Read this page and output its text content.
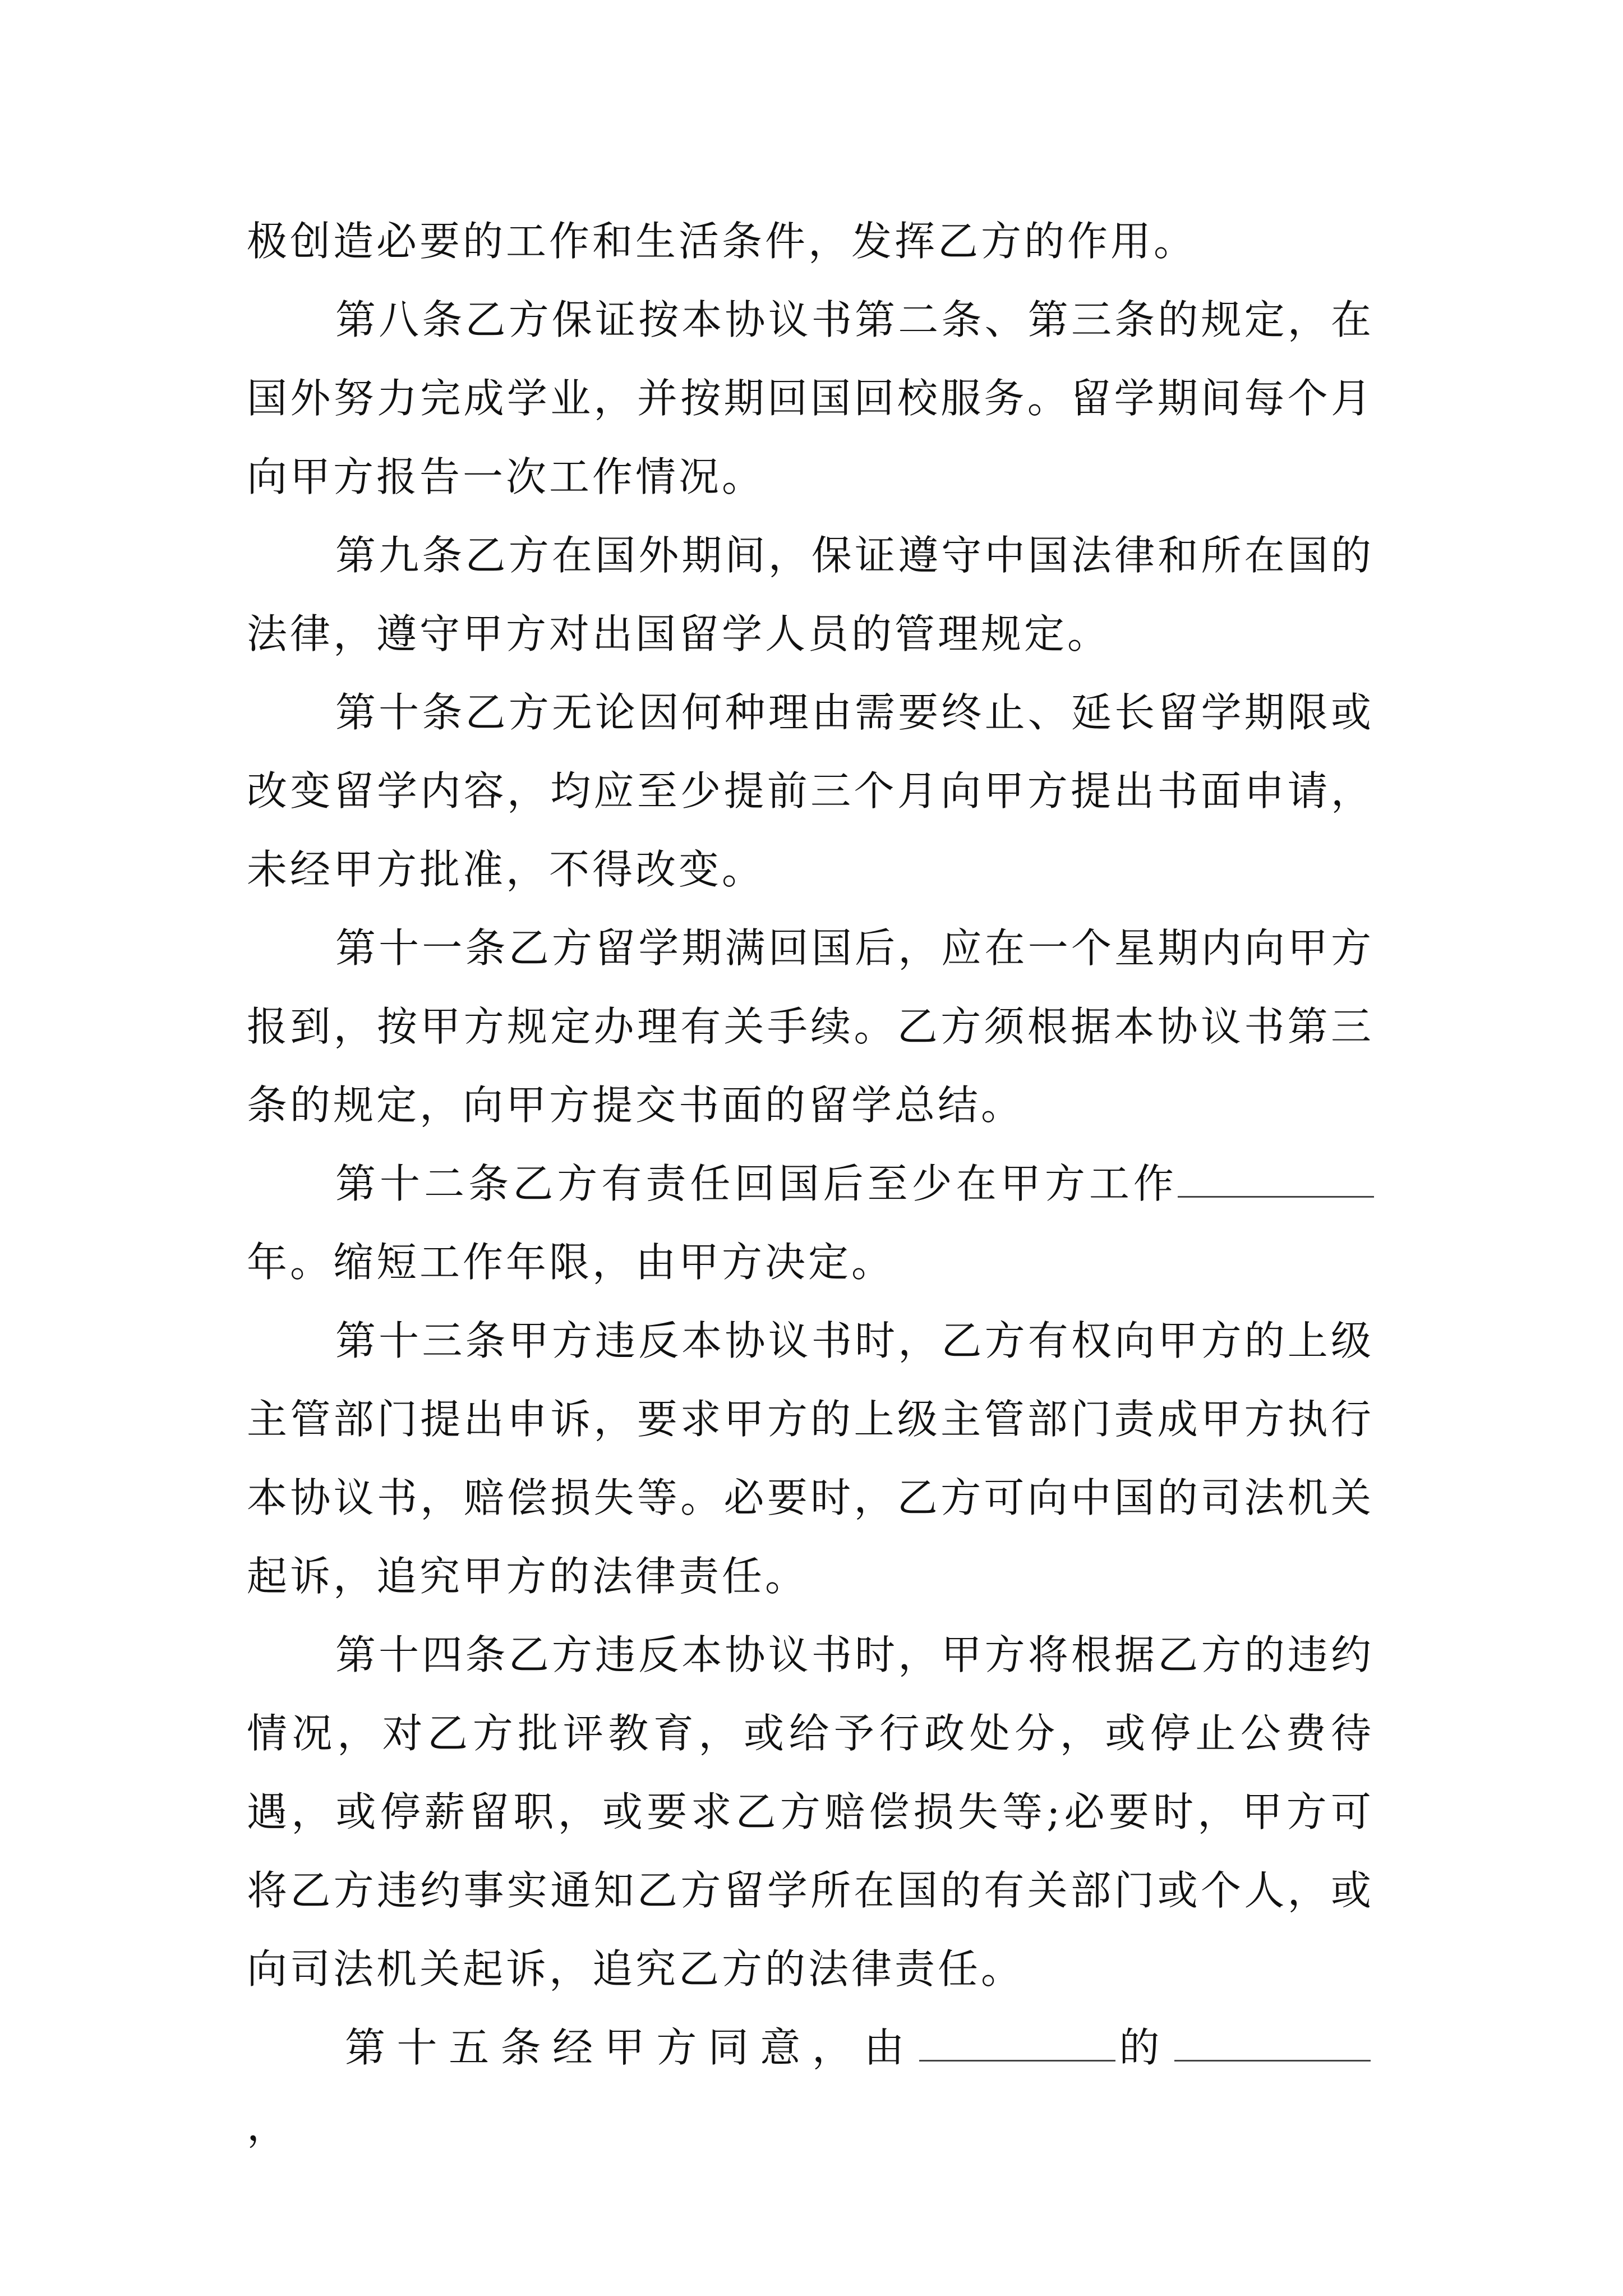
极创造必要的工作和生活条件，发挥乙方的作用。

第八条乙方保证按本协议书第二条、第三条的规定，在国外努力完成学业，并按期回国回校服务。留学期间每个月向甲方报告一次工作情况。

第九条乙方在国外期间，保证遵守中国法律和所在国的法律，遵守甲方对出国留学人员的管理规定。

第十条乙方无论因何种理由需要终止、延长留学期限或改变留学内容，均应至少提前三个月向甲方提出书面申请，未经甲方批准，不得改变。

第十一条乙方留学期满回国后，应在一个星期内向甲方报到，按甲方规定办理有关手续。乙方须根据本协议书第三条的规定，向甲方提交书面的留学总结。

第十二条乙方有责任回国后至少在甲方工作年。缩短工作年限，由甲方决定。

第十三条甲方违反本协议书时，乙方有权向甲方的上级主管部门提出申诉，要求甲方的上级主管部门责成甲方执行本协议书，赔偿损失等。必要时，乙方可向中国的司法机关起诉，追究甲方的法律责任。

第十四条乙方违反本协议书时，甲方将根据乙方的违约情况，对乙方批评教育，或给予行政处分，或停止公费待遇，或停薪留职，或要求乙方赔偿损失等;必要时，甲方可将乙方违约事实通知乙方留学所在国的有关部门或个人，或向司法机关起诉，追究乙方的法律责任。

第十五条经甲方同意，由	的，
